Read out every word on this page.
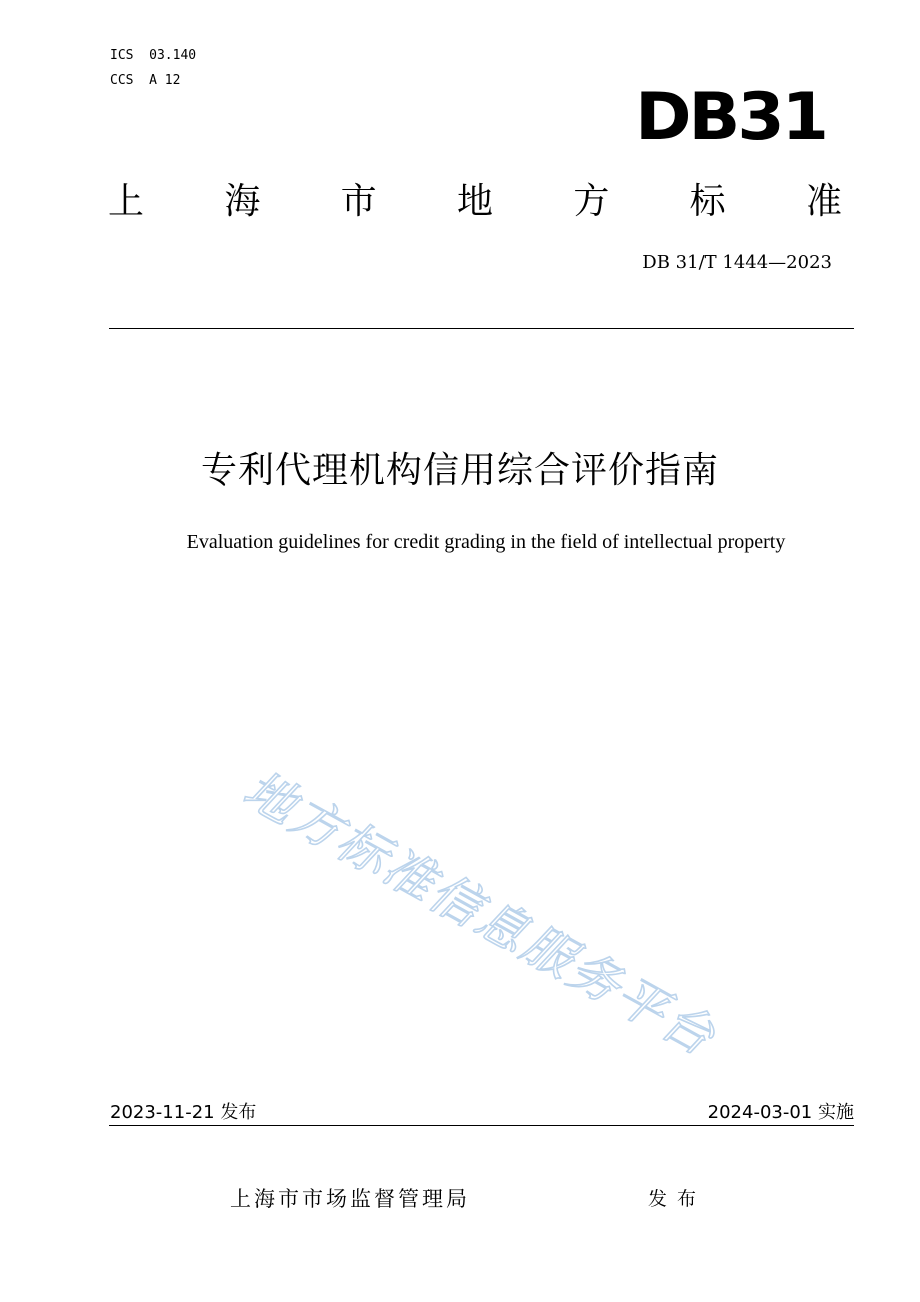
ICS  03.140
CCS  A 12	DB31
上 海 市 地 方 标 准
DB 31/T 1444—2023
专利代理机构信用综合评价指南
Evaluation guidelines for credit grading in the field of intellectual property
地方标准信息服务平台
2023-11-21 发布	2024-03-01 实施
上海市市场监督管理局	发布
